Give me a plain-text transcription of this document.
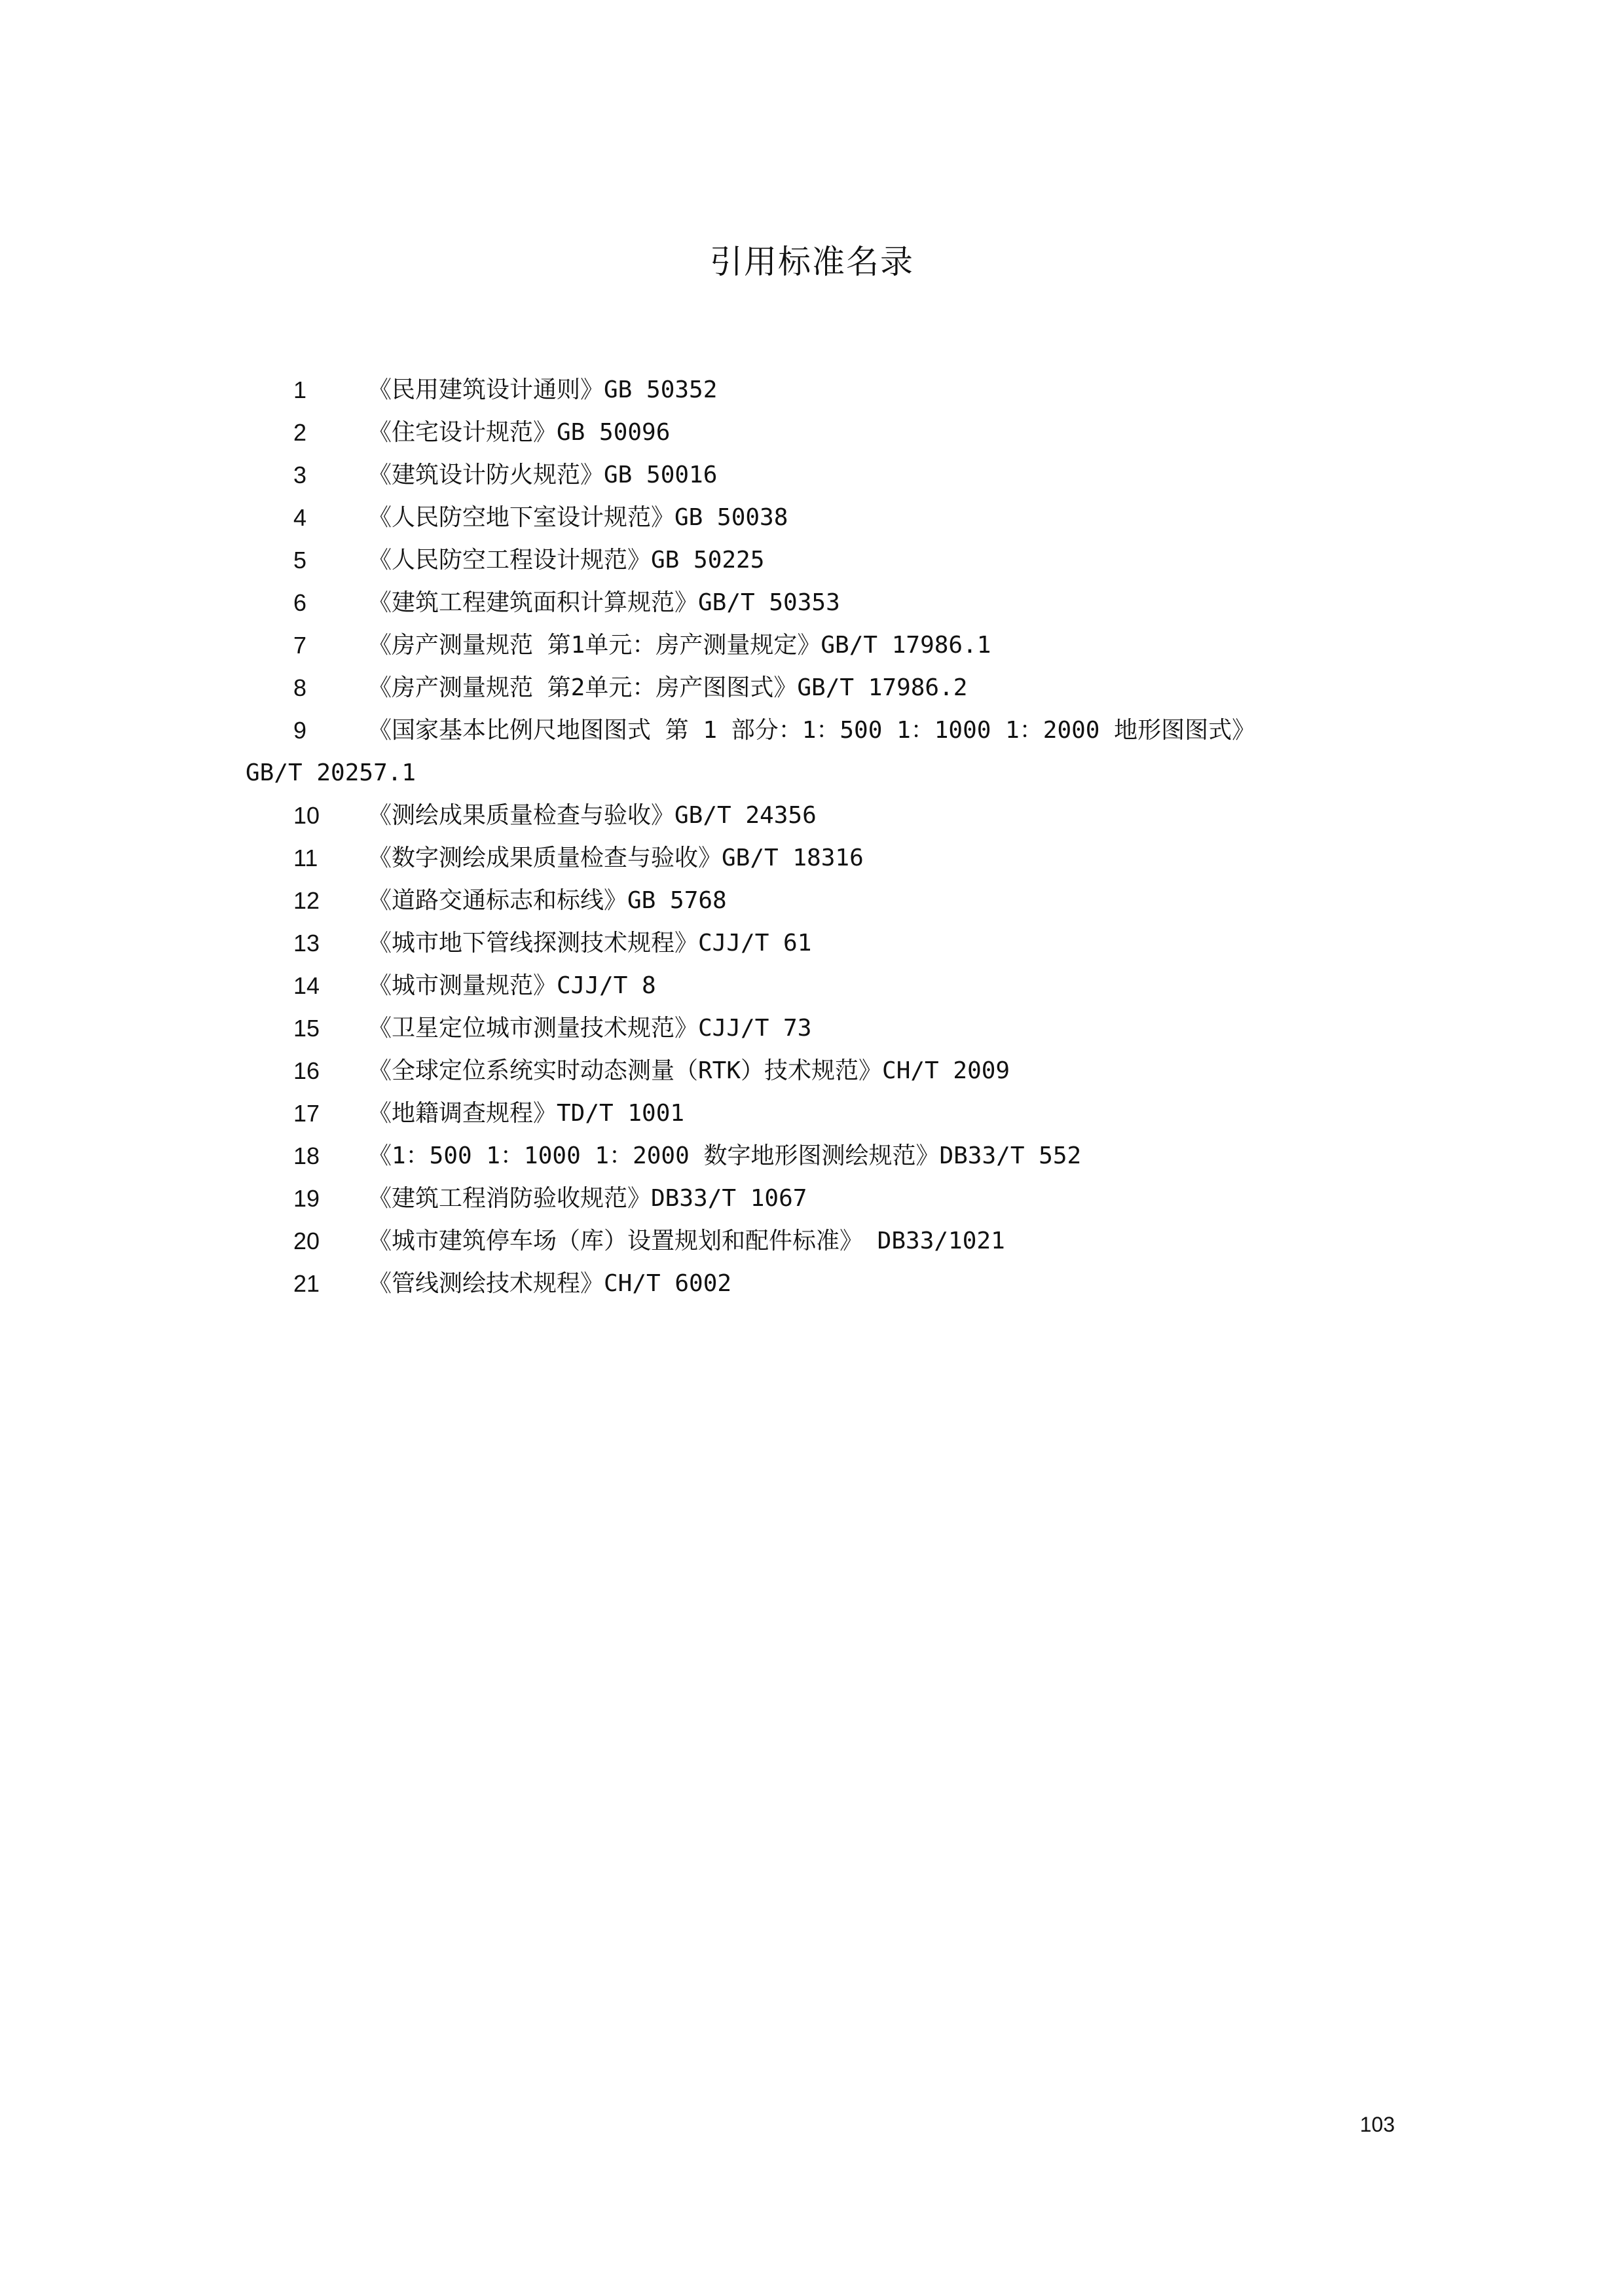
引用标准名录
1	《民用建筑设计通则》GB 50352
2	《住宅设计规范》GB 50096
3	《建筑设计防火规范》GB 50016
4	《人民防空地下室设计规范》GB 50038
5	《人民防空工程设计规范》GB 50225
6	《建筑工程建筑面积计算规范》GB/T 50353
7	《房产测量规范 第1单元：房产测量规定》GB/T 17986.1
8	《房产测量规范 第2单元：房产图图式》GB/T 17986.2
9	《国家基本比例尺地图图式 第 1 部分：1：500 1：1000 1：2000 地形图图式》
GB/T 20257.1
10 《测绘成果质量检查与验收》GB/T 24356
11 《数字测绘成果质量检查与验收》GB/T 18316
12 《道路交通标志和标线》GB 5768
13 《城市地下管线探测技术规程》CJJ/T 61
14 《城市测量规范》CJJ/T 8
15 《卫星定位城市测量技术规范》CJJ/T 73
16 《全球定位系统实时动态测量（RTK）技术规范》CH/T 2009
17 《地籍调查规程》TD/T 1001
18 《1：500 1：1000 1：2000 数字地形图测绘规范》DB33/T 552
19 《建筑工程消防验收规范》DB33/T 1067
20 《城市建筑停车场（库）设置规划和配件标准》 DB33/1021
21 《管线测绘技术规程》CH/T 6002
103
